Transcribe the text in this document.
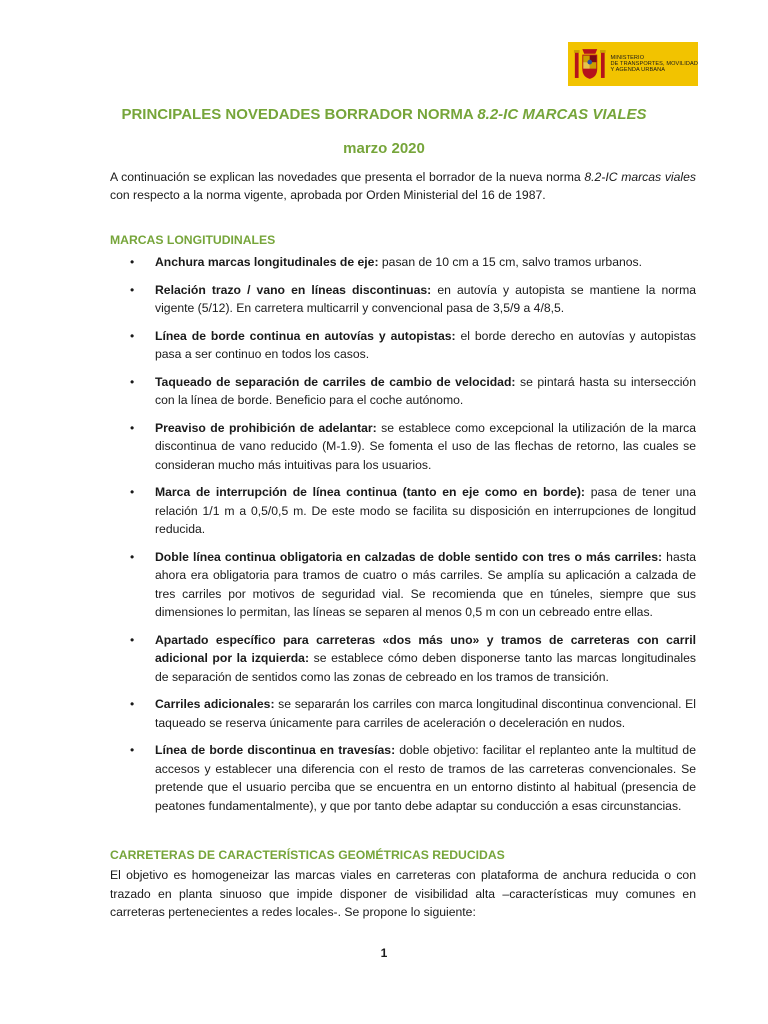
MINISTERIO
DE TRANSPORTES, MOVILIDAD
Y AGENDA URBANA
PRINCIPALES NOVEDADES BORRADOR NORMA 8.2-IC MARCAS VIALES
marzo 2020
A continuación se explican las novedades que presenta el borrador de la nueva norma 8.2-IC marcas viales con respecto a la norma vigente, aprobada por Orden Ministerial del 16 de 1987.
MARCAS LONGITUDINALES
• Anchura marcas longitudinales de eje: pasan de 10 cm a 15 cm, salvo tramos urbanos.
• Relación trazo / vano en líneas discontinuas: en autovía y autopista se mantiene la norma vigente (5/12). En carretera multicarril y convencional pasa de 3,5/9 a 4/8,5.
• Línea de borde continua en autovías y autopistas: el borde derecho en autovías y autopistas pasa a ser continuo en todos los casos.
• Taqueado de separación de carriles de cambio de velocidad: se pintará hasta su intersección con la línea de borde. Beneficio para el coche autónomo.
• Preaviso de prohibición de adelantar: se establece como excepcional la utilización de la marca discontinua de vano reducido (M-1.9). Se fomenta el uso de las flechas de retorno, las cuales se consideran mucho más intuitivas para los usuarios.
• Marca de interrupción de línea continua (tanto en eje como en borde): pasa de tener una relación 1/1 m a 0,5/0,5 m. De este modo se facilita su disposición en interrupciones de longitud reducida.
• Doble línea continua obligatoria en calzadas de doble sentido con tres o más carriles: hasta ahora era obligatoria para tramos de cuatro o más carriles. Se amplía su aplicación a calzada de tres carriles por motivos de seguridad vial. Se recomienda que en túneles, siempre que sus dimensiones lo permitan, las líneas se separen al menos 0,5 m con un cebreado entre ellas.
• Apartado específico para carreteras «dos más uno» y tramos de carreteras con carril adicional por la izquierda: se establece cómo deben disponerse tanto las marcas longitudinales de separación de sentidos como las zonas de cebreado en los tramos de transición.
• Carriles adicionales: se separarán los carriles con marca longitudinal discontinua convencional. El taqueado se reserva únicamente para carriles de aceleración o deceleración en nudos.
• Línea de borde discontinua en travesías: doble objetivo: facilitar el replanteo ante la multitud de accesos y establecer una diferencia con el resto de tramos de las carreteras convencionales. Se pretende que el usuario perciba que se encuentra en un entorno distinto al habitual (presencia de peatones fundamentalmente), y que por tanto debe adaptar su conducción a esas circunstancias.
CARRETERAS DE CARACTERÍSTICAS GEOMÉTRICAS REDUCIDAS
El objetivo es homogeneizar las marcas viales en carreteras con plataforma de anchura reducida o con trazado en planta sinuoso que impide disponer de visibilidad alta –características muy comunes en carreteras pertenecientes a redes locales-. Se propone lo siguiente:
1
